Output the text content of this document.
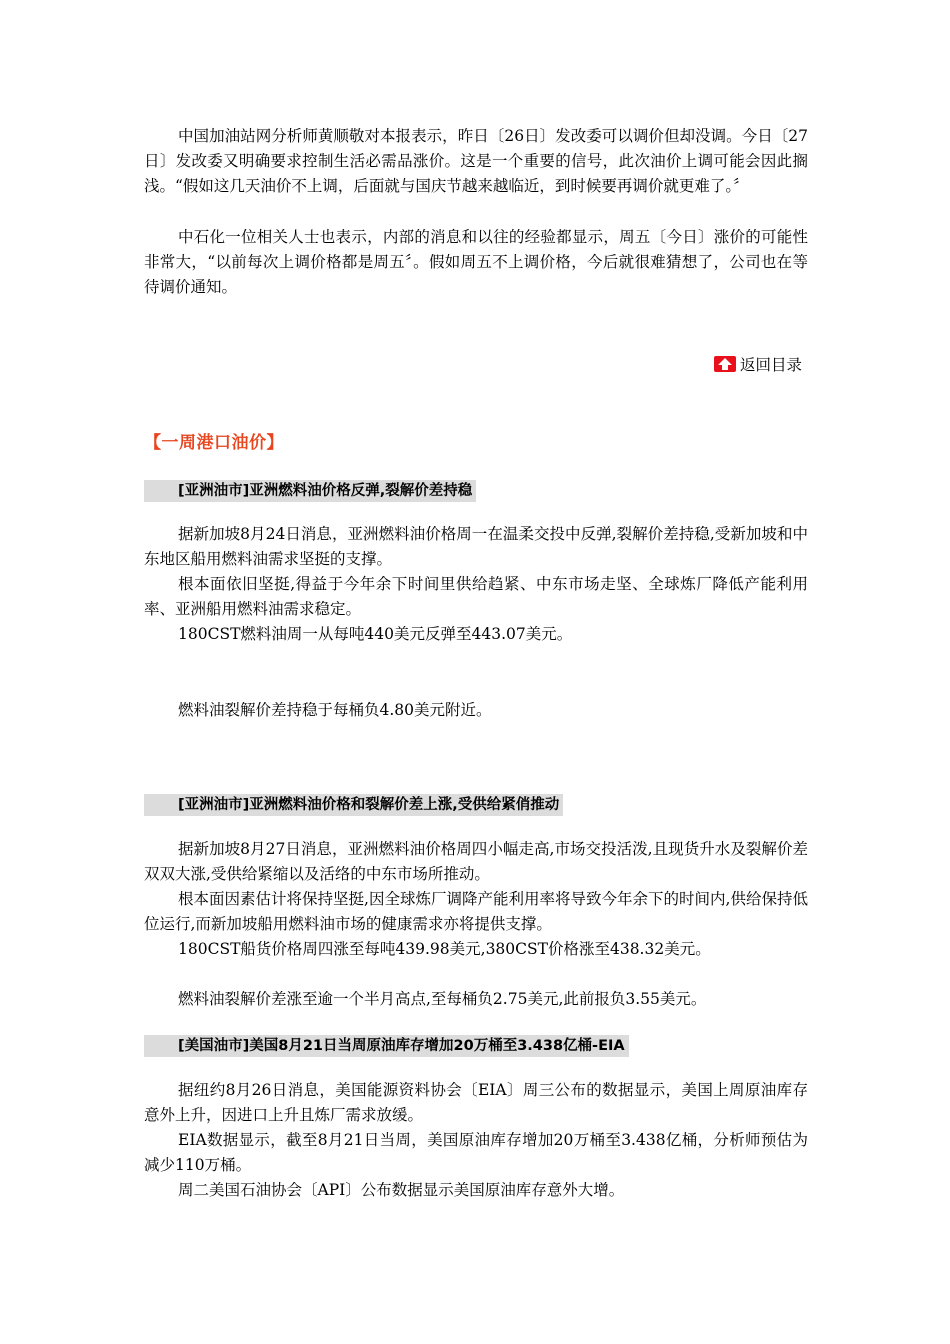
中国加油站网分析师黄顺敬对本报表示，昨日〔26日〕发改委可以调价但却没调。今日〔27日〕发改委又明确要求控制生活必需品涨价。这是一个重要的信号，此次油价上调可能会因此搁浅。“假如这几天油价不上调，后面就与国庆节越来越临近，到时候要再调价就更难了。〞

中石化一位相关人士也表示，内部的消息和以往的经验都显示，周五〔今日〕涨价的可能性非常大，“以前每次上调价格都是周五〞。假如周五不上调价格，今后就很难猜想了，公司也在等待调价通知。

返回目录
【一周港口油价】
[亚洲油市]亚洲燃料油价格反弹,裂解价差持稳

据新加坡8月24日消息，亚洲燃料油价格周一在温柔交投中反弹,裂解价差持稳,受新加坡和中东地区船用燃料油需求坚挺的支撑。

根本面依旧坚挺,得益于今年余下时间里供给趋紧、中东市场走坚、全球炼厂降低产能利用率、亚洲船用燃料油需求稳定。

180CST燃料油周一从每吨440美元反弹至443.07美元。

燃料油裂解价差持稳于每桶负4.80美元附近。

[亚洲油市]亚洲燃料油价格和裂解价差上涨,受供给紧俏推动

据新加坡8月27日消息，亚洲燃料油价格周四小幅走高,市场交投活泼,且现货升水及裂解价差双双大涨,受供给紧缩以及活络的中东市场所推动。

根本面因素估计将保持坚挺,因全球炼厂调降产能利用率将导致今年余下的时间内,供给保持低位运行,而新加坡船用燃料油市场的健康需求亦将提供支撑。

180CST船货价格周四涨至每吨439.98美元,380CST价格涨至438.32美元。

燃料油裂解价差涨至逾一个半月高点,至每桶负2.75美元,此前报负3.55美元。

[美国油市]美国8月21日当周原油库存增加20万桶至3.438亿桶-EIA

据纽约8月26日消息，美国能源资料协会〔EIA〕周三公布的数据显示，美国上周原油库存意外上升，因进口上升且炼厂需求放缓。

EIA数据显示，截至8月21日当周，美国原油库存增加20万桶至3.438亿桶，分析师预估为减少110万桶。

周二美国石油协会〔API〕公布数据显示美国原油库存意外大增。
